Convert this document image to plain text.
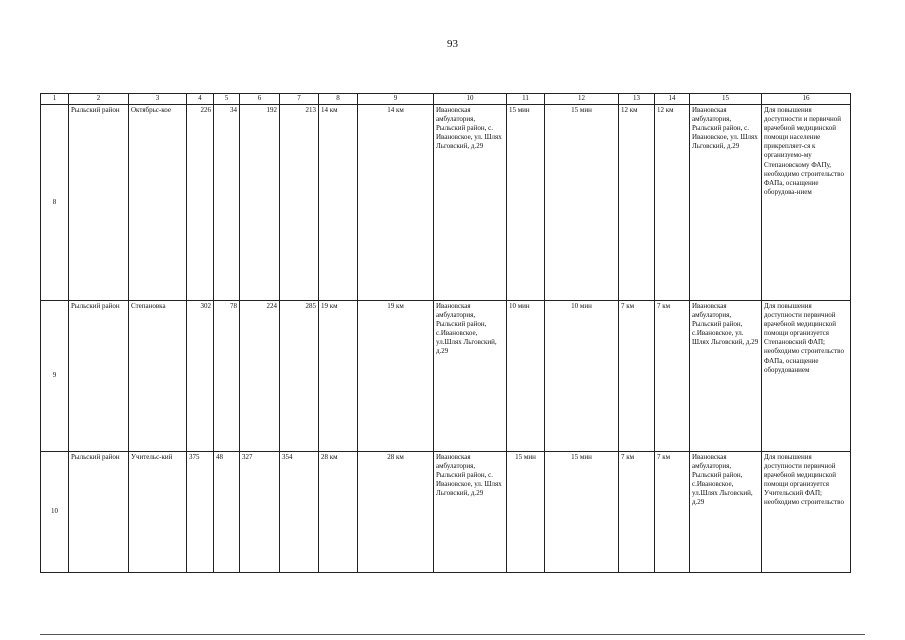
93
1	2	3	4	5	6	7	8	9	10	11	12	13	14	15	16
8	Рыльский район	Октябрьс-кое	226	34	192	213	14 км	14 км	Ивановская амбулатория, Рыльский район, с. Ивановское, ул. Шлях Льговский, д.29	15 мин	15 мин	12 км	12 км	Ивановская амбулатория, Рыльский район, с. Ивановское, ул. Шлях Льговский, д.29	Для повышения доступности и первичной врачебной медицинской помощи население прикрепляет-ся к организуемо-му Степановскому ФАПу, необходимо строительство ФАПа, оснащение оборудова-нием
9	Рыльский район	Степановка	302	78	224	285	19 км	19 км	Ивановская амбулатория, Рыльский район, с.Ивановское, ул.Шлях Льговский, д.29	10 мин	10 мин	7 км	7 км	Ивановская амбулатория, Рыльский район, с.Ивановское, ул. Шлях Льговский, д.29	Для повышения доступности первичной врачебной медицинской помощи организуется Степановский ФАП; необходимо строительство ФАПа, оснащение оборудованием
10	Рыльский район	Учительс-кий	375	48	327	354	28 км	28 км	Ивановская амбулатория, Рыльский район, с. Ивановское, ул. Шлях Льговский, д.29	15 мин	15 мин	7 км	7 км	Ивановская амбулатория, Рыльский район, с.Ивановское, ул.Шлях Льговский, д.29	Для повышения доступности первичной врачебной медицинской помощи организуется Учительский ФАП; необходимо строительство
